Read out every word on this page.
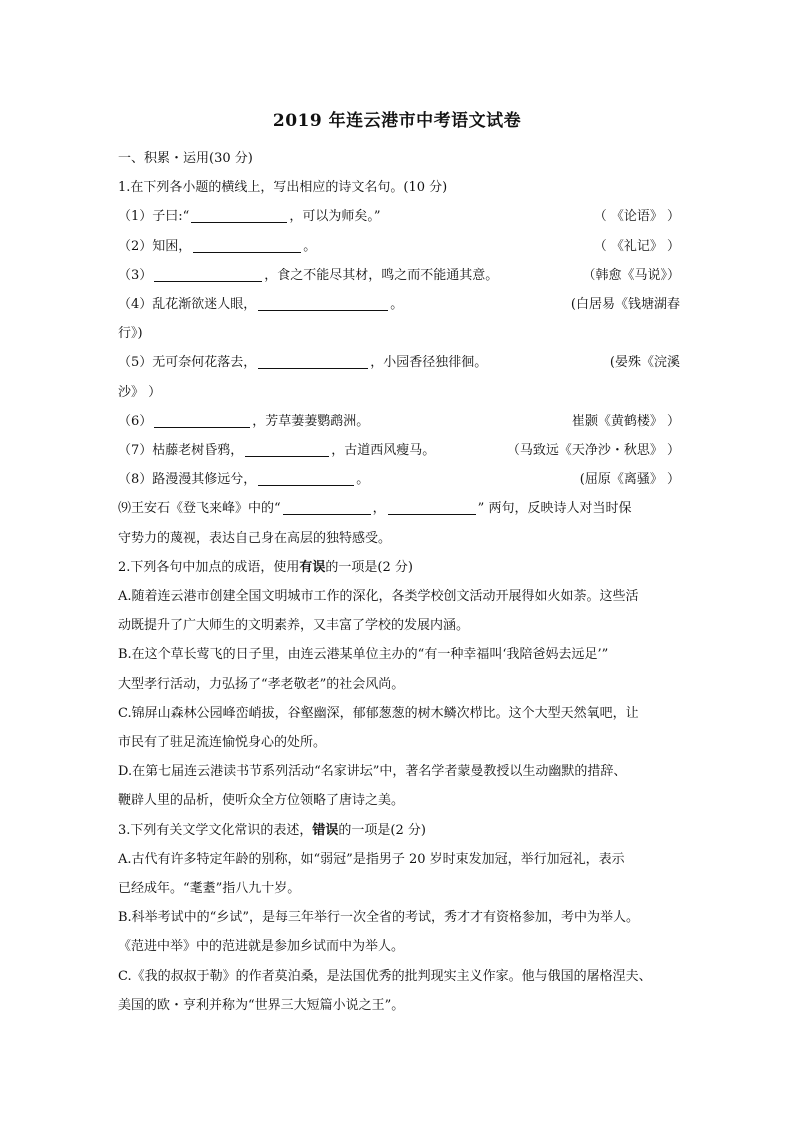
2019 年连云港市中考语文试卷
一、积累・运用(30 分)
1.在下列各小题的横线上，写出相应的诗文名句。(10 分)
（1）子曰:“	，可以为师矣。”	（ 《论语》 ）
（2）知困，	。	（ 《礼记》 ）
（3）	，食之不能尽其材，鸣之而不能通其意。	（韩愈《马说》）
（4）乱花渐欲迷人眼，	。	(白居易《钱塘湖春
行》)
（5）无可奈何花落去，	，小园香径独徘徊。	(晏殊《浣溪
沙》 ）
（6）	，芳草萋萋鹦鹉洲。	崔颢《黄鹤楼》 ）
（7）枯藤老树昏鸦，	，古道西风瘦马。	（马致远《天净沙・秋思》 ）
（8）路漫漫其修远兮，	。	(屈原《离骚》 ）
⑼王安石《登飞来峰》中的“	，	” 两句，反映诗人对当时保
守势力的蔑视，表达自己身在高层的独特感受。
2.下列各句中加点的成语，使用有误的一项是(2 分)
A.随着连云港市创建全国文明城市工作的深化，各类学校创文活动开展得如火如荼。这些活
动既提升了广大师生的文明素养，又丰富了学校的发展内涵。
B.在这个草长莺飞的日子里，由连云港某单位主办的“有一种幸福叫‘我陪爸妈去远足’”
大型孝行活动，力弘扬了“孝老敬老”的社会风尚。
C.锦屏山森林公园峰峦峭拔，谷壑幽深，郁郁葱葱的树木鳞次栉比。这个大型天然氧吧，让
市民有了驻足流连愉悦身心的处所。
D.在第七届连云港读书节系列活动“名家讲坛”中，著名学者蒙曼教授以生动幽默的措辞、
鞭辟人里的品析，使听众全方位领略了唐诗之美。
3.下列有关文学文化常识的表述，错误的一项是(2 分)
A.古代有许多特定年龄的别称，如“弱冠”是指男子 20 岁时束发加冠，举行加冠礼，表示
已经成年。“耄耋”指八九十岁。
B.科举考试中的“乡试”，是每三年举行一次全省的考试，秀才才有资格参加，考中为举人。
《范进中举》中的范进就是参加乡试而中为举人。
C.《我的叔叔于勒》的作者莫泊桑，是法国优秀的批判现实主义作家。他与俄国的屠格涅夫、
美国的欧・亨利并称为“世界三大短篇小说之王”。
